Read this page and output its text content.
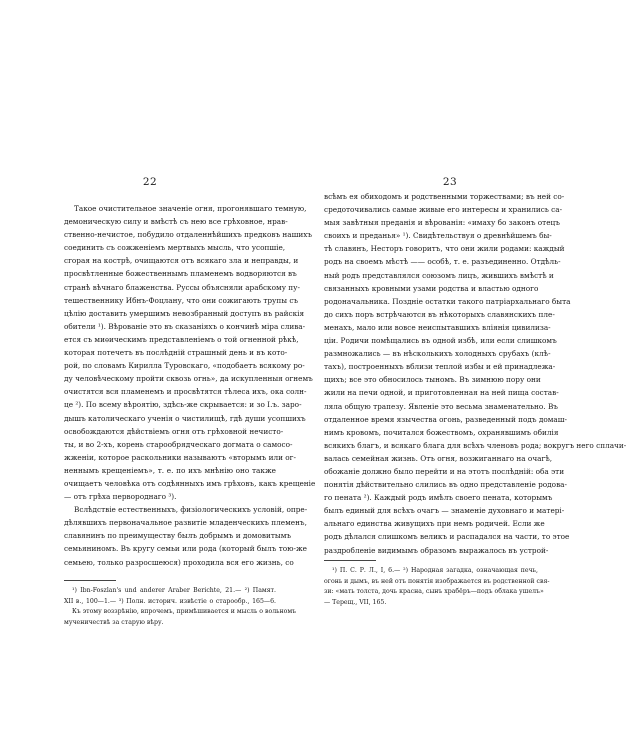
22
Такое очистительное значеніе огня, прогонявшаго темную,
демоническую силу и вмѣстѣ съ нею все грѣховное, нрав-
ственно-нечистое, побудило отдаленнѣйшихъ предковъ нашихъ
соединить съ сожженіемъ мертвыхъ мысль, что усопшіе,
сгорая на кострѣ, очищаются отъ всякаго зла и неправды, и
просвѣтленные божественнымъ пламенемъ водворяются въ
странѣ вѣчнаго блаженства. Руссы объясняли арабскому пу-
тешественнику Ибнъ-Фоцлану, что они сожигають трупы съ
цѣлію доставить умершимъ невозбранный доступъ въ райскія
обители ¹). Вѣрованіе это въ сказаніяхъ о кончинѣ міра слива-
ется съ миѳическимъ представленіемъ о той огненной рѣкѣ,
которая потечетъ въ послѣдній страшный день и въ кото-
рой, по словамъ Кирилла Туровскаго, «подобаетъ всякому ро-
ду человѣческому пройти сквозь огнь», да искупленныя огнемъ
очистятся вся пламенемъ и просвѣтятся тѣлеса ихъ, ока солн-
це ²). По всему вѣроятію, здѣсь-же скрывается: и зо I.ъ. заро-
дышъ католическаго ученія о чистилищѣ, гдѣ души усопшихъ
освобождаются дѣйствіемъ огня отъ грѣховной нечисто-
ты, и во 2-хъ, корень старообрядческаго догмата о самосо-
жженіи, которое раскольники называютъ «вторымъ или ог-
неннымъ крещеніемъ», т. е. по ихъ мнѣнію оно также
очищаетъ человѣка отъ содѣянныхъ имъ грѣховъ, какъ крещеніе
— отъ грѣха первороднаго ³).
Вслѣдствіе естественныхъ, физіологическихъ условій, опре-
дѣлявшихъ первоначальное развитіе младенческихъ племенъ,
славянинъ по преимуществу былъ добрымъ и домовитымъ
семьяниномъ. Въ кругу семьи или рода (который былъ тою-же
семьею, только разросшеюся) проходила вся его жизнь, со
¹) Ibn-Foszlan's und anderer Araber Berichte, 21.— ²) Памят.
XII в., 100—1.— ³) Полн. историч. извѣстіе о старообр., 165—6.
Къ этому воззрѣнію, впрочемъ, примѣшивается и мысль о вольномъ
мученичествѣ за старую вѣру.
23
всѣмъ ея обиходомъ и родственными торжествами; въ ней со-
средоточивались самые живые его интересы и хранились са-
мыя завѣтныя преданія и вѣрованія: «имаху бо законъ отецъ
своихъ и преданья» ¹). Свидѣтельствуя о древнѣйшемъ бы-
тѣ славянъ, Несторъ говоритъ, что они жили родами: каждый
родъ на своемъ мѣстѣ —— особѣ, т. е. разъединенно. Отдѣль-
ный родъ представлялся союзомъ лицъ, жившихъ вмѣстѣ и
связанныхъ кровными узами родства и властью одного
родоначальника. Поздніе остатки такого патріархальнаго быта
до сихъ поръ встрѣчаются въ нѣкоторыхъ славянскихъ пле-
менахъ, мало или вовсе неиспытавшихъ вліянія цивилиза-
ціи. Родичи помѣщались въ одной избѣ, или если слишкомъ
размножались — въ нѣсколькихъ холодныхъ срубахъ (клѣ-
тахъ), построенныхъ вблизи теплой избы и ей принадлежа-
щихъ; все это обносилось тыномъ. Въ зимнюю пору они
жили на печи одной, и приготовленная на ней пища состав-
ляла общую трапезу. Явленіе это весьма знаменательно. Въ
отдаленное время язычества огонь, разведенный подъ домаш-
нимъ кровомъ, почитался божествомъ, охранявшимъ обилія
всякихъ благъ, и всякаго блага для всѣхъ членовъ рода; вокругъ него сплачи-
валась семейная жизнь. Отъ огня, возжиганнаго на очагѣ,
обожаніе должно было перейти и на этотъ послѣдній: оба эти
понятія дѣйствительно слились въ одно представленіе родова-
го пената ²). Каждый родъ имѣлъ своего пената, которымъ
былъ единый для всѣхъ очагъ — знаменіе духовнаго и матері-
альнаго единства живущихъ при немъ родичей. Если же
родъ дѣлался слишкомъ великъ и распадался на части, то этое
раздробленіе видимымъ образомъ выражалось въ устрой-
¹) П. С. Р. Л., I, 6.— ²) Народная загадка, означающая печь,
огонь и дымъ, въ ней отъ понятія изображается въ родственной свя-
зи: «мать толста, дочь красна, сынъ храбёръ—подъ облака ушелъ»
— Терещ., VII, 165.
